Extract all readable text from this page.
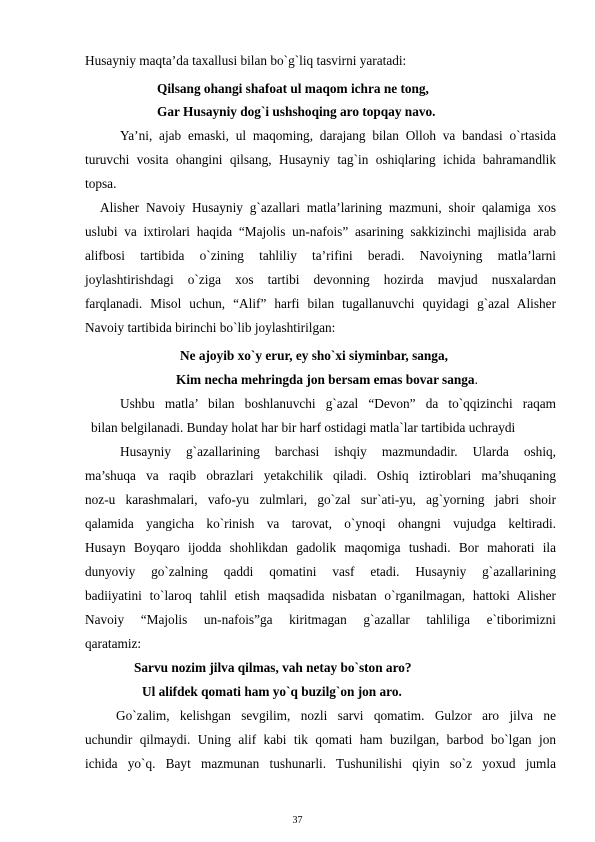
Husayniy maqta’da taxallusi bilan bo`g`liq tasvirni yaratadi:
Qilsang ohangi shafoat ul maqom ichra ne tong,
Gar Husayniy dog`i ushshoqing aro topqay navo.
Ya’ni, ajab emaski, ul maqoming, darajang bilan Olloh va bandasi o`rtasida
turuvchi vosita ohangini qilsang, Husayniy tag`in oshiqlaring ichida bahramandlik
topsa.
Alisher Navoiy Husayniy g`azallari matla’larining mazmuni, shoir qalamiga xos
uslubi va ixtirolari haqida “Majolis un-nafois” asarining sakkizinchi majlisida arab
alifbosi tartibida o`zining tahliliy ta’rifini beradi. Navoiyning matla’larni
joylashtirishdagi o`ziga xos tartibi devonning hozirda mavjud nusxalardan
farqlanadi. Misol uchun, “Alif” harfi bilan tugallanuvchi quyidagi g`azal Alisher
Navoiy tartibida birinchi bo`lib joylashtirilgan:
Ne ajoyib xo`y erur, ey sho`xi siyminbar, sanga,
Kim necha mehringda jon bersam emas bovar sanga.
Ushbu matla’ bilan boshlanuvchi g`azal “Devon” da to`qqizinchi raqam
bilan belgilanadi. Bunday holat har bir harf ostidagi matla`lar tartibida uchraydi
Husayniy g`azallarining barchasi ishqiy mazmundadir. Ularda oshiq,
ma’shuqa va raqib obrazlari yetakchilik qiladi. Oshiq iztiroblari ma’shuqaning
noz-u karashmalari, vafo-yu zulmlari, go`zal sur`ati-yu, ag`yorning jabri shoir
qalamida yangicha ko`rinish va tarovat, o`ynoqi ohangni vujudga keltiradi.
Husayn Boyqaro ijodda shohlikdan gadolik maqomiga tushadi. Bor mahorati ila
dunyoviy go`zalning qaddi qomatini vasf etadi. Husayniy g`azallarining
badiiyatini to`laroq tahlil etish maqsadida nisbatan o`rganilmagan, hattoki Alisher
Navoiy “Majolis un-nafois”ga kiritmagan g`azallar tahliliga e`tiborimizni
qaratamiz:
Sarvu nozim jilva qilmas, vah netay bo`ston aro?
Ul alifdek qomati ham yo`q buzilg`on jon aro.
Go`zalim, kelishgan sevgilim, nozli sarvi qomatim. Gulzor aro jilva ne
uchundir qilmaydi. Uning alif kabi tik qomati ham buzilgan, barbod bo`lgan jon
ichida yo`q. Bayt mazmunan tushunarli. Tushunilishi qiyin so`z yoxud jumla
37
